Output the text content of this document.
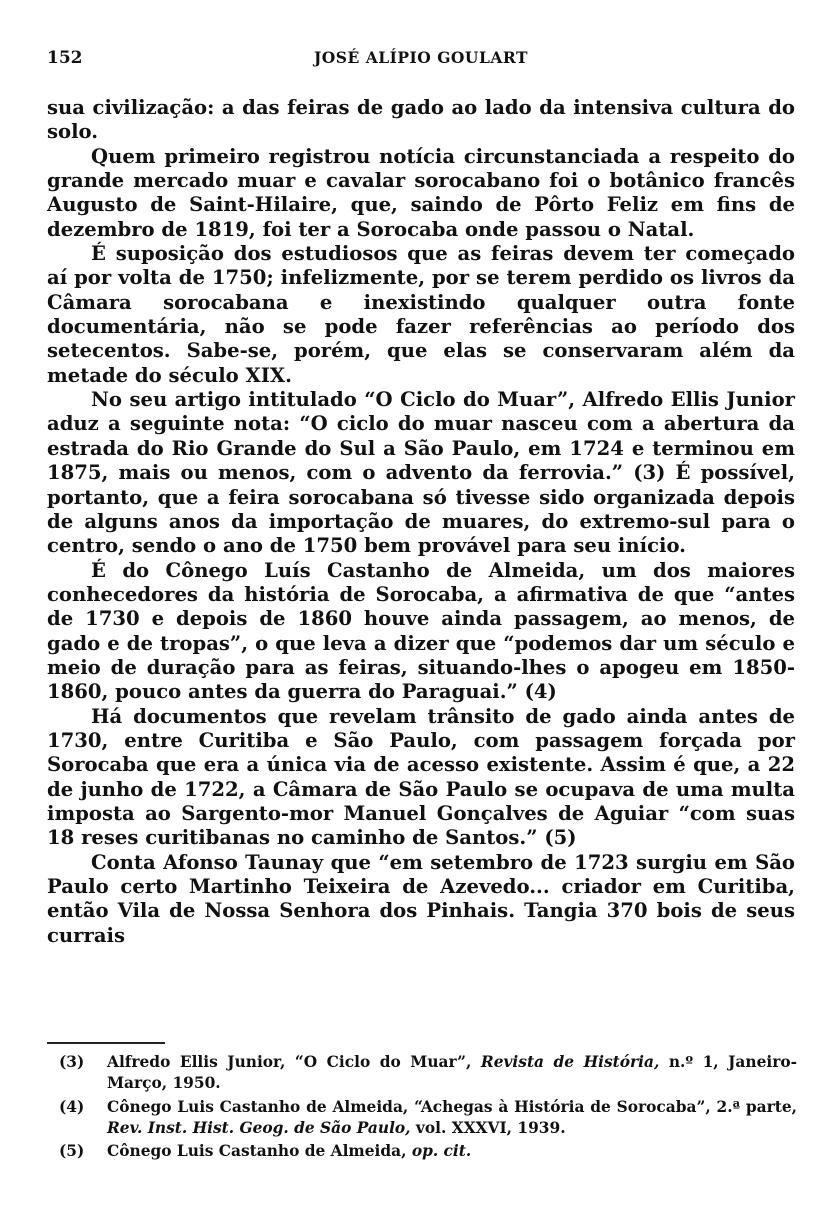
152	JOSÉ ALÍPIO GOULART

sua civilização: a das feiras de gado ao lado da intensiva cultura do solo.

Quem primeiro registrou notícia circunstanciada a respeito do grande mercado muar e cavalar sorocabano foi o botânico francês Augusto de Saint-Hilaire, que, saindo de Pôrto Feliz em fins de dezembro de 1819, foi ter a Sorocaba onde passou o Natal.

É suposição dos estudiosos que as feiras devem ter começado aí por volta de 1750; infelizmente, por se terem perdido os livros da Câmara sorocabana e inexistindo qualquer outra fonte documentária, não se pode fazer referências ao período dos setecentos. Sabe-se, porém, que elas se conservaram além da metade do século XIX.

No seu artigo intitulado “O Ciclo do Muar”, Alfredo Ellis Junior aduz a seguinte nota: “O ciclo do muar nasceu com a abertura da estrada do Rio Grande do Sul a São Paulo, em 1724 e terminou em 1875, mais ou menos, com o advento da ferrovia.” (3) É possível, portanto, que a feira sorocabana só tivesse sido organizada depois de alguns anos da importação de muares, do extremo-sul para o centro, sendo o ano de 1750 bem provável para seu início.

É do Cônego Luís Castanho de Almeida, um dos maiores conhecedores da história de Sorocaba, a afirmativa de que “antes de 1730 e depois de 1860 houve ainda passagem, ao menos, de gado e de tropas”, o que leva a dizer que “podemos dar um século e meio de duração para as feiras, situando-lhes o apogeu em 1850-1860, pouco antes da guerra do Paraguai.” (4)

Há documentos que revelam trânsito de gado ainda antes de 1730, entre Curitiba e São Paulo, com passagem forçada por Sorocaba que era a única via de acesso existente. Assim é que, a 22 de junho de 1722, a Câmara de São Paulo se ocupava de uma multa imposta ao Sargento-mor Manuel Gonçalves de Aguiar “com suas 18 reses curitibanas no caminho de Santos.” (5)

Conta Afonso Taunay que “em setembro de 1723 surgiu em São Paulo certo Martinho Teixeira de Azevedo... criador em Curitiba, então Vila de Nossa Senhora dos Pinhais. Tangia 370 bois de seus currais

(3) Alfredo Ellis Junior, “O Ciclo do Muar”, Revista de História, n.º 1, Janeiro-Março, 1950.
(4) Cônego Luis Castanho de Almeida, “Achegas à História de Sorocaba”, 2.ª parte, Rev. Inst. Hist. Geog. de São Paulo, vol. XXXVI, 1939.
(5) Cônego Luis Castanho de Almeida, op. cit.
